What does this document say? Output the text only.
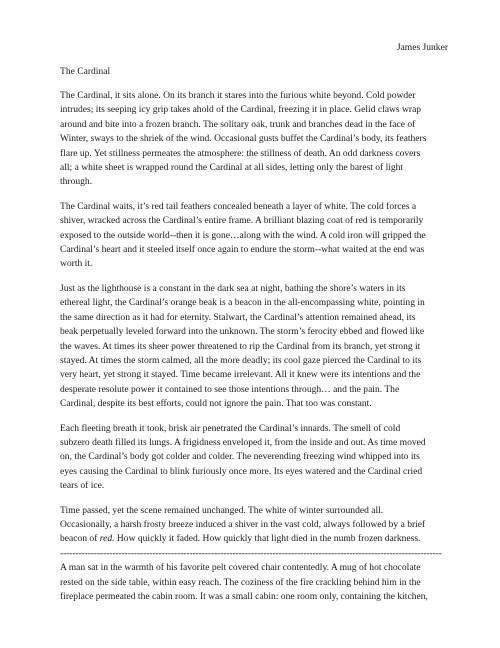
James Junker
The Cardinal

The Cardinal, it sits alone. On its branch it stares into the furious white beyond. Cold powder
intrudes; its seeping icy grip takes ahold of the Cardinal, freezing it in place. Gelid claws wrap
around and bite into a frozen branch. The solitary oak, trunk and branches dead in the face of
Winter, sways to the shriek of the wind. Occasional gusts buffet the Cardinal’s body, its feathers
flare up. Yet stillness permeates the atmosphere: the stillness of death. An odd darkness covers
all; a white sheet is wrapped round the Cardinal at all sides, letting only the barest of light
through.

The Cardinal waits, it’s red tail feathers concealed beneath a layer of white. The cold forces a
shiver, wracked across the Cardinal’s entire frame. A brilliant blazing coat of red is temporarily
exposed to the outside world--then it is gone…along with the wind. A cold iron will gripped the
Cardinal’s heart and it steeled itself once again to endure the storm--what waited at the end was
worth it.

Just as the lighthouse is a constant in the dark sea at night, bathing the shore’s waters in its
ethereal light, the Cardinal’s orange beak is a beacon in the all-encompassing white, pointing in
the same direction as it had for eternity. Stalwart, the Cardinal’s attention remained ahead, its
beak perpetually leveled forward into the unknown. The storm’s ferocity ebbed and flowed like
the waves. At times its sheer power threatened to rip the Cardinal from its branch, yet strong it
stayed. At times the storm calmed, all the more deadly; its cool gaze pierced the Cardinal to its
very heart, yet strong it stayed. Time became irrelevant. All it knew were its intentions and the
desperate resolute power it contained to see those intentions through… and the pain. The
Cardinal, despite its best efforts, could not ignore the pain. That too was constant.

Each fleeting breath it took, brisk air penetrated the Cardinal’s innards. The smell of cold
subzero death filled its lungs. A frigidness enveloped it, from the inside and out. As time moved
on, the Cardinal’s body got colder and colder. The neverending freezing wind whipped into its
eyes causing the Cardinal to blink furiously once more. Its eyes watered and the Cardinal cried
tears of ice.

Time passed, yet the scene remained unchanged. The white of winter surrounded all.
Occasionally, a harsh frosty breeze induced a shiver in the vast cold, always followed by a brief
beacon of red. How quickly it faded. How quickly that light died in the numb frozen darkness.

----------------------------------------------------------------------------------------------------------------------------

A man sat in the warmth of his favorite pelt covered chair contentedly. A mug of hot chocolate
rested on the side table, within easy reach. The coziness of the fire crackling behind him in the
fireplace permeated the cabin room. It was a small cabin: one room only, containing the kitchen,
